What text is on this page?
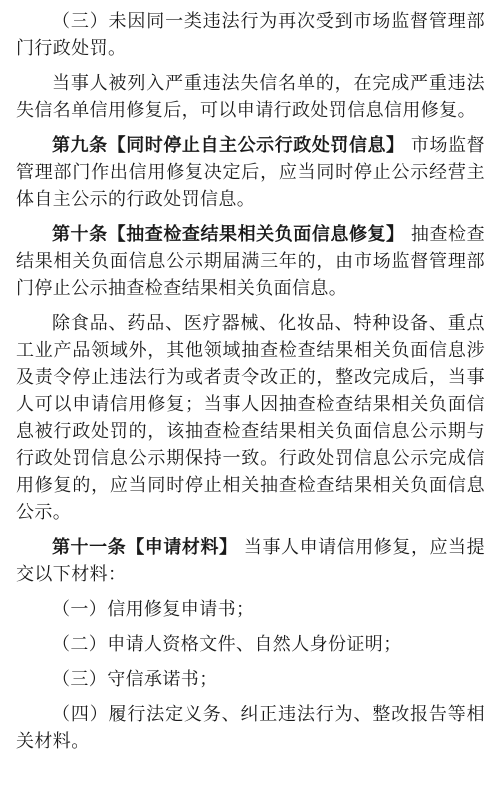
（三）未因同一类违法行为再次受到市场监督管理部门行政处罚。

当事人被列入严重违法失信名单的，在完成严重违法失信名单信用修复后，可以申请行政处罚信息信用修复。

第九条【同时停止自主公示行政处罚信息】 市场监督管理部门作出信用修复决定后，应当同时停止公示经营主体自主公示的行政处罚信息。

第十条【抽查检查结果相关负面信息修复】 抽查检查结果相关负面信息公示期届满三年的，由市场监督管理部门停止公示抽查检查结果相关负面信息。

除食品、药品、医疗器械、化妆品、特种设备、重点工业产品领域外，其他领域抽查检查结果相关负面信息涉及责令停止违法行为或者责令改正的，整改完成后，当事人可以申请信用修复；当事人因抽查检查结果相关负面信息被行政处罚的，该抽查检查结果相关负面信息公示期与行政处罚信息公示期保持一致。行政处罚信息公示完成信用修复的，应当同时停止相关抽查检查结果相关负面信息公示。

第十一条【申请材料】 当事人申请信用修复，应当提交以下材料：

（一）信用修复申请书；

（二）申请人资格文件、自然人身份证明；

（三）守信承诺书；

（四）履行法定义务、纠正违法行为、整改报告等相关材料。
